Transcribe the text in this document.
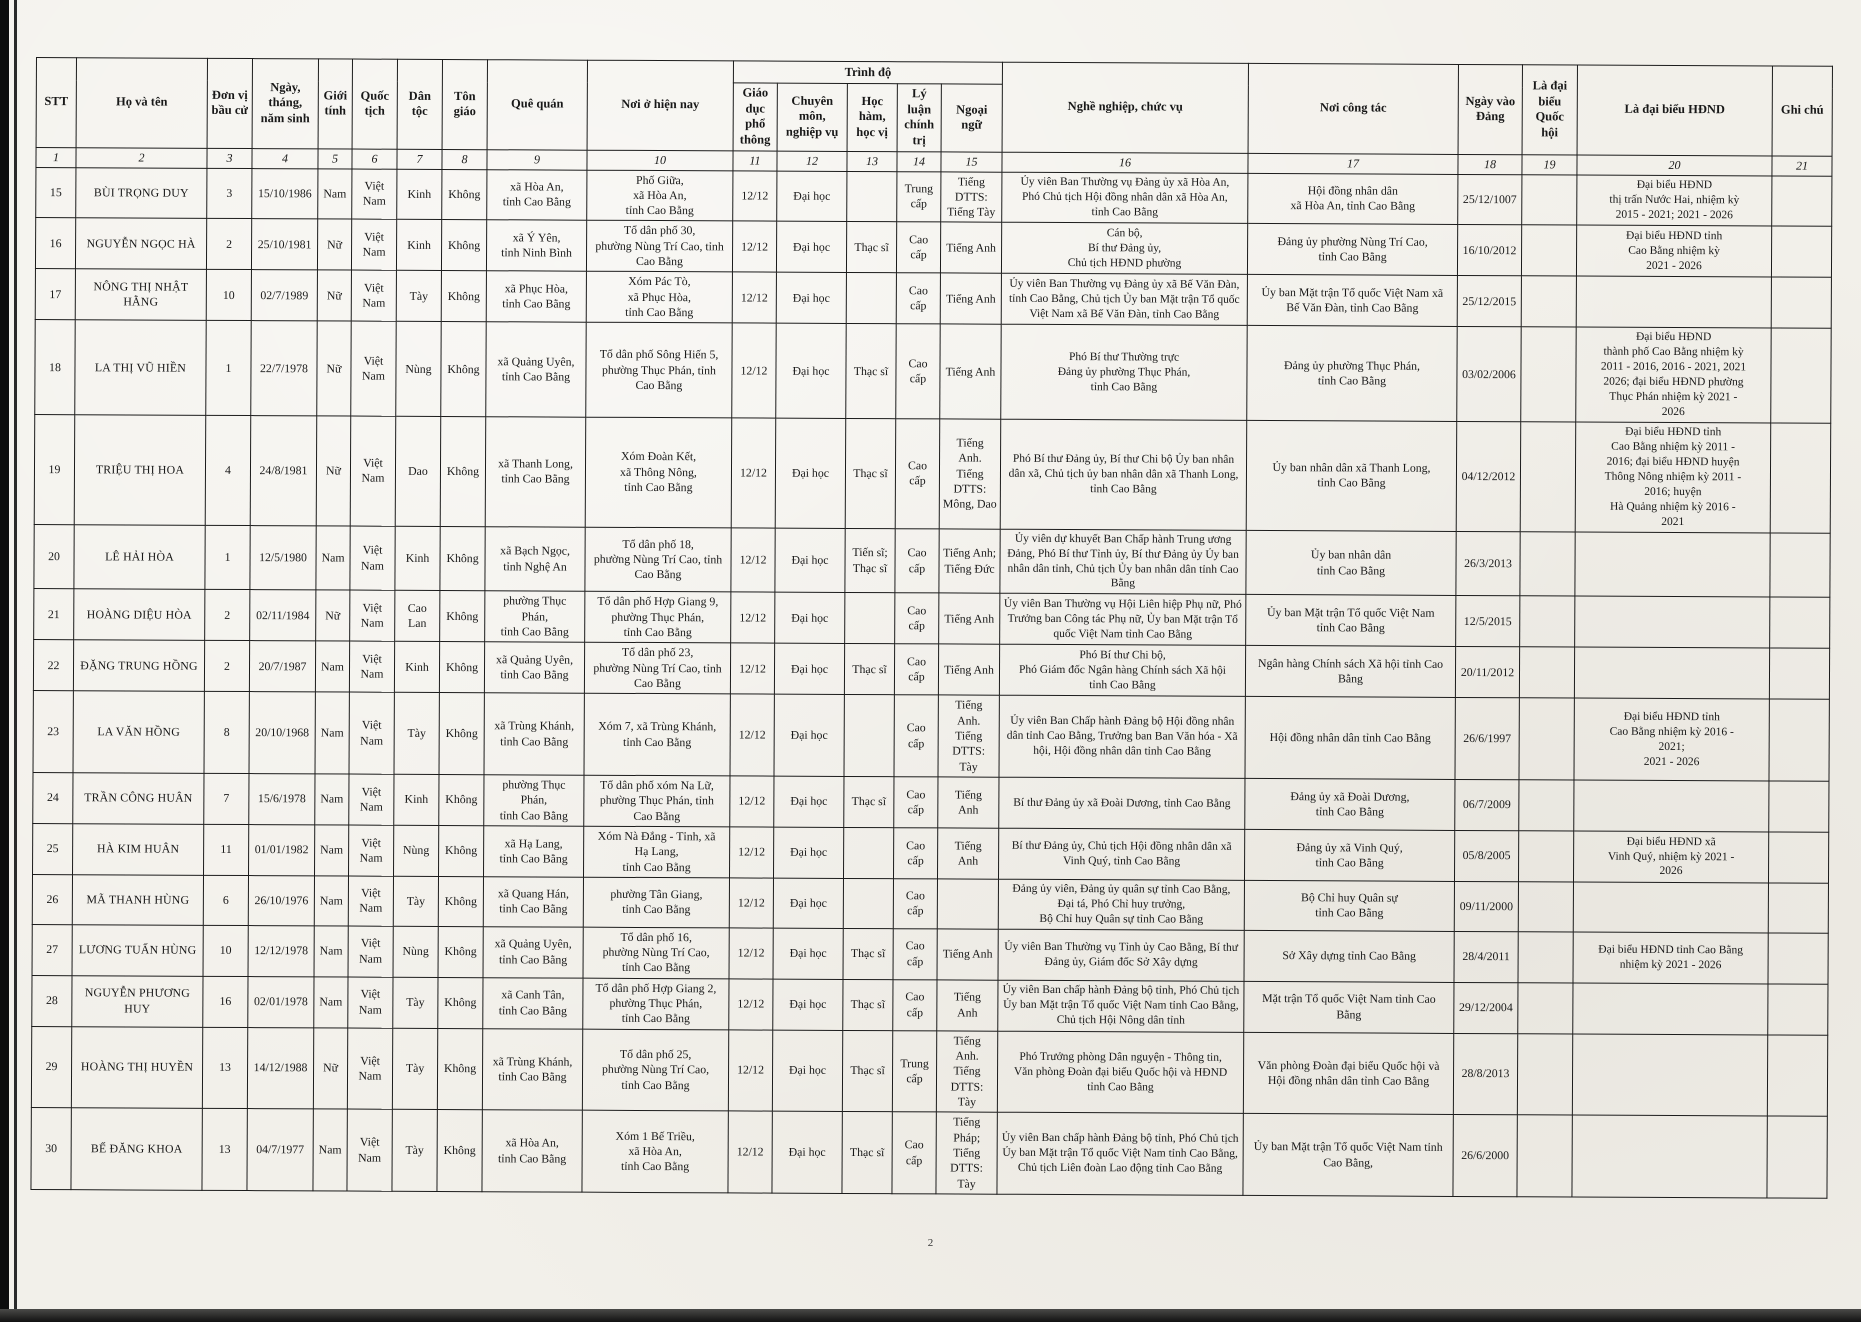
STT	Họ và tên	Đơn vị bầu cử	Ngày, tháng, năm sinh	Giới tính	Quốc tịch	Dân tộc	Tôn giáo	Quê quán	Nơi ở hiện nay	Trình độ					Nghề nghiệp, chức vụ	Nơi công tác	Ngày vào Đảng	Là đại biểu Quốc hội	Là đại biểu HĐND	Ghi chú
										Giáo dục phổ thông	Chuyên môn, nghiệp vụ	Học hàm, học vị	Lý luận chính trị	Ngoại ngữ						
1	2	3	4	5	6	7	8	9	10	11	12	13	14	15	16	17	18	19	20	21
15	BÙI TRỌNG DUY	3	15/10/1986	Nam	Việt Nam	Kinh	Không	xã Hòa An,
tỉnh Cao Bằng	Phố Giữa,
xã Hòa An,
tỉnh Cao Bằng	12/12	Đại học		Trung cấp	Tiếng
DTTS:
Tiếng Tày	Ủy viên Ban Thường vụ Đảng ủy xã Hòa An,
Phó Chủ tịch Hội đồng nhân dân xã Hòa An,
tỉnh Cao Bằng	Hội đồng nhân dân
xã Hòa An, tỉnh Cao Bằng	25/12/1007		Đại biểu HĐND
thị trấn Nước Hai, nhiệm kỳ
2015 - 2021; 2021 - 2026	
16	NGUYỄN NGỌC HÀ	2	25/10/1981	Nữ	Việt Nam	Kinh	Không	xã Ý Yên,
tỉnh Ninh Bình	Tổ dân phố 30,
phường Nùng Trí Cao, tỉnh Cao Bằng	12/12	Đại học	Thạc sĩ	Cao cấp	Tiếng Anh	Cán bộ,
Bí thư Đảng ủy,
Chủ tịch HĐND phường	Đảng ủy phường Nùng Trí Cao,
tỉnh Cao Bằng	16/10/2012		Đại biểu HĐND tỉnh
Cao Bằng nhiệm kỳ
2021 - 2026	
17	NÔNG THỊ NHẬT HẰNG	10	02/7/1989	Nữ	Việt Nam	Tày	Không	xã Phục Hòa,
tỉnh Cao Bằng	Xóm Pác Tò,
xã Phục Hòa,
tỉnh Cao Bằng	12/12	Đại học		Cao cấp	Tiếng Anh	Ủy viên Ban Thường vụ Đảng ủy xã Bế Văn Đàn, tỉnh Cao Bằng, Chủ tịch Ủy ban Mặt trận Tổ quốc Việt Nam xã Bế Văn Đàn, tỉnh Cao Bằng	Ủy ban Mặt trận Tổ quốc Việt Nam xã
Bế Văn Đàn, tỉnh Cao Bằng	25/12/2015			
18	LA THỊ VŨ HIỀN	1	22/7/1978	Nữ	Việt Nam	Nùng	Không	xã Quảng Uyên,
tỉnh Cao Bằng	Tổ dân phố Sông Hiến 5,
phường Thục Phán, tỉnh
Cao Bằng	12/12	Đại học	Thạc sĩ	Cao cấp	Tiếng Anh	Phó Bí thư Thường trực
Đảng ủy phường Thục Phán,
tỉnh Cao Bằng	Đảng ủy phường Thục Phán,
tỉnh Cao Bằng	03/02/2006		Đại biểu HĐND
thành phố Cao Bằng nhiệm kỳ
2011 - 2016, 2016 - 2021, 2021
2026; đại biểu HĐND phường
Thục Phán nhiệm kỳ 2021 -
2026	
19	TRIỆU THỊ HOA	4	24/8/1981	Nữ	Việt Nam	Dao	Không	xã Thanh Long,
tỉnh Cao Bằng	Xóm Đoàn Kết,
xã Thông Nông,
tỉnh Cao Bằng	12/12	Đại học	Thạc sĩ	Cao cấp	Tiếng
Anh.
Tiếng
DTTS:
Mông, Dao	Phó Bí thư Đảng ủy, Bí thư Chi bộ Ủy ban nhân dân xã, Chủ tịch ủy ban nhân dân xã Thanh Long, tỉnh Cao Bằng	Ủy ban nhân dân xã Thanh Long,
tỉnh Cao Bằng	04/12/2012		Đại biểu HĐND tỉnh
Cao Bằng nhiệm kỳ 2011 -
2016; đại biểu HĐND huyện
Thông Nông nhiệm kỳ 2011 -
2016; huyện
Hà Quảng nhiệm kỳ 2016 -
2021	
20	LÊ HẢI HÒA	1	12/5/1980	Nam	Việt Nam	Kinh	Không	xã Bạch Ngọc,
tỉnh Nghệ An	Tổ dân phố 18,
phường Nùng Trí Cao, tỉnh
Cao Bằng	12/12	Đại học	Tiến sĩ;
Thạc sĩ	Cao cấp	Tiếng Anh;
Tiếng Đức	Ủy viên dự khuyết Ban Chấp hành Trung ương Đảng, Phó Bí thư Tỉnh ủy, Bí thư Đảng ủy Ủy ban nhân dân tỉnh, Chủ tịch Ủy ban nhân dân tỉnh Cao Bằng	Ủy ban nhân dân
tỉnh Cao Bằng	26/3/2013			
21	HOÀNG DIỆU HÒA	2	02/11/1984	Nữ	Việt Nam	Cao Lan	Không	phường Thục
Phán,
tỉnh Cao Bằng	Tổ dân phố Hợp Giang 9,
phường Thục Phán,
tỉnh Cao Bằng	12/12	Đại học		Cao cấp	Tiếng Anh	Ủy viên Ban Thường vụ Hội Liên hiệp Phụ nữ, Phó Trưởng ban Công tác Phụ nữ, Ủy ban Mặt trận Tổ quốc Việt Nam tỉnh Cao Bằng	Ủy ban Mặt trận Tổ quốc Việt Nam
tỉnh Cao Bằng	12/5/2015			
22	ĐẶNG TRUNG HỒNG	2	20/7/1987	Nam	Việt Nam	Kinh	Không	xã Quảng Uyên,
tỉnh Cao Bằng	Tổ dân phố 23,
phường Nùng Trí Cao, tỉnh
Cao Bằng	12/12	Đại học	Thạc sĩ	Cao cấp	Tiếng Anh	Phó Bí thư Chi bộ,
Phó Giám đốc Ngân hàng Chính sách Xã hội
tỉnh Cao Bằng	Ngân hàng Chính sách Xã hội tỉnh Cao
Bằng	20/11/2012			
23	LA VĂN HỒNG	8	20/10/1968	Nam	Việt Nam	Tày	Không	xã Trùng Khánh,
tỉnh Cao Bằng	Xóm 7, xã Trùng Khánh,
tỉnh Cao Bằng	12/12	Đại học		Cao cấp	Tiếng
Anh.
Tiếng
DTTS:
Tày	Ủy viên Ban Chấp hành Đảng bộ Hội đồng nhân dân tỉnh Cao Bằng, Trưởng ban Ban Văn hóa - Xã hội, Hội đồng nhân dân tỉnh Cao Bằng	Hội đồng nhân dân tỉnh Cao Bằng	26/6/1997		Đại biểu HĐND tỉnh
Cao Bằng nhiệm kỳ 2016 -
2021;
2021 - 2026	
24	TRẦN CÔNG HUÂN	7	15/6/1978	Nam	Việt Nam	Kinh	Không	phường Thục
Phán,
tỉnh Cao Bằng	Tổ dân phố xóm Na Lữ,
phường Thục Phán, tỉnh
Cao Bằng	12/12	Đại học	Thạc sĩ	Cao cấp	Tiếng
Anh	Bí thư Đảng ủy xã Đoài Dương, tỉnh Cao Bằng	Đảng ủy xã Đoài Dương,
tỉnh Cao Bằng	06/7/2009			
25	HÀ KIM HUÂN	11	01/01/1982	Nam	Việt Nam	Nùng	Không	xã Hạ Lang,
tỉnh Cao Bằng	Xóm Nà Đắng - Tỉnh, xã
Hạ Lang,
tỉnh Cao Bằng	12/12	Đại học		Cao cấp	Tiếng
Anh	Bí thư Đảng ủy, Chủ tịch Hội đồng nhân dân xã
Vinh Quý, tỉnh Cao Bằng	Đảng ủy xã Vinh Quý,
tỉnh Cao Bằng	05/8/2005		Đại biểu HĐND xã
Vinh Quý, nhiệm kỳ 2021 -
2026	
26	MÃ THANH HÙNG	6	26/10/1976	Nam	Việt Nam	Tày	Không	xã Quang Hán,
tỉnh Cao Bằng	phường Tân Giang,
tỉnh Cao Bằng	12/12	Đại học		Cao cấp		Đảng ủy viên, Đảng ủy quân sự tỉnh Cao Bằng,
Đại tá, Phó Chỉ huy trưởng,
Bộ Chỉ huy Quân sự tỉnh Cao Bằng	Bộ Chỉ huy Quân sự
tỉnh Cao Bằng	09/11/2000			
27	LƯƠNG TUẤN HÙNG	10	12/12/1978	Nam	Việt Nam	Nùng	Không	xã Quảng Uyên,
tỉnh Cao Bằng	Tổ dân phố 16,
phường Nùng Trí Cao,
tỉnh Cao Bằng	12/12	Đại học	Thạc sĩ	Cao cấp	Tiếng Anh	Ủy viên Ban Thường vụ Tỉnh ủy Cao Bằng, Bí thư Đảng ủy, Giám đốc Sở Xây dựng	Sở Xây dựng tỉnh Cao Bằng	28/4/2011		Đại biểu HĐND tỉnh Cao Bằng
nhiệm kỳ 2021 - 2026	
28	NGUYỄN PHƯƠNG HUY	16	02/01/1978	Nam	Việt Nam	Tày	Không	xã Canh Tân,
tỉnh Cao Bằng	Tổ dân phố Hợp Giang 2,
phường Thục Phán,
tỉnh Cao Bằng	12/12	Đại học	Thạc sĩ	Cao cấp	Tiếng
Anh	Ủy viên Ban chấp hành Đảng bộ tỉnh, Phó Chủ tịch Ủy ban Mặt trận Tổ quốc Việt Nam tỉnh Cao Bằng, Chủ tịch Hội Nông dân tỉnh	Mặt trận Tổ quốc Việt Nam tỉnh Cao
Bằng	29/12/2004			
29	HOÀNG THỊ HUYỀN	13	14/12/1988	Nữ	Việt Nam	Tày	Không	xã Trùng Khánh,
tỉnh Cao Bằng	Tổ dân phố 25,
phường Nùng Trí Cao,
tỉnh Cao Bằng	12/12	Đại học	Thạc sĩ	Trung cấp	Tiếng
Anh.
Tiếng
DTTS:
Tày	Phó Trưởng phòng Dân nguyện - Thông tin,
Văn phòng Đoàn đại biểu Quốc hội và HĐND
tỉnh Cao Bằng	Văn phòng Đoàn đại biểu Quốc hội và
Hội đồng nhân dân tỉnh Cao Bằng	28/8/2013			
30	BẾ ĐĂNG KHOA	13	04/7/1977	Nam	Việt Nam	Tày	Không	xã Hòa An,
tỉnh Cao Bằng	Xóm 1 Bế Triều,
xã Hòa An,
tỉnh Cao Bằng	12/12	Đại học	Thạc sĩ	Cao cấp	Tiếng
Pháp;
Tiếng
DTTS:
Tày	Ủy viên Ban chấp hành Đảng bộ tỉnh, Phó Chủ tịch Ủy ban Mặt trận Tổ quốc Việt Nam tỉnh Cao Bằng, Chủ tịch Liên đoàn Lao động tỉnh Cao Bằng	Ủy ban Mặt trận Tổ quốc Việt Nam tỉnh
Cao Bằng,	26/6/2000			
2
